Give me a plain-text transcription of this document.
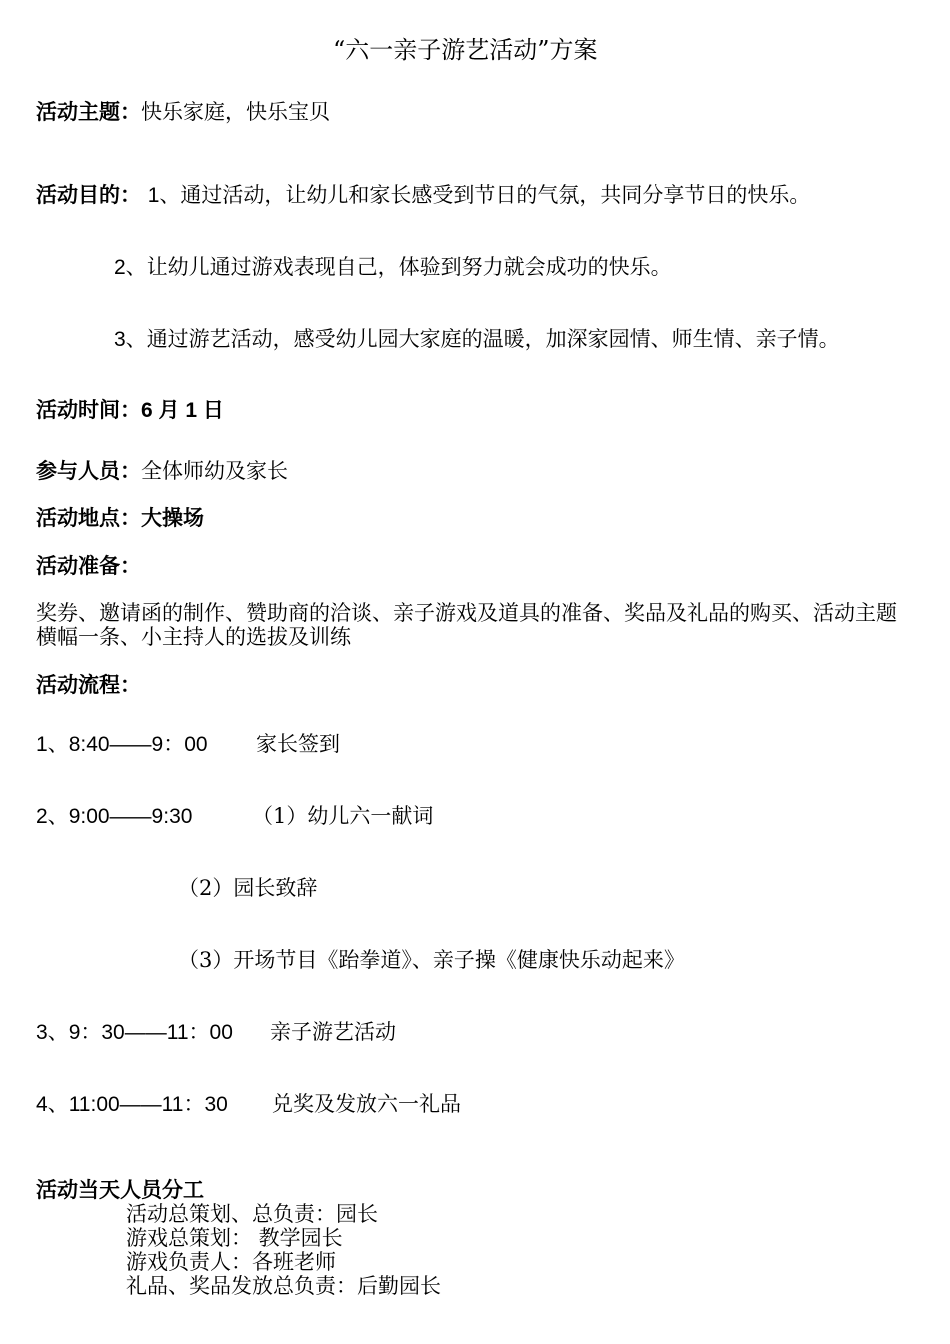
“六一亲子游艺活动”方案
活动主题：快乐家庭，快乐宝贝
活动目的： 1、通过活动，让幼儿和家长感受到节日的气氛，共同分享节日的快乐。
2、让幼儿通过游戏表现自己，体验到努力就会成功的快乐。
3、通过游艺活动，感受幼儿园大家庭的温暖，加深家园情、师生情、亲子情。
活动时间：6 月 1 日
参与人员：全体师幼及家长
活动地点：大操场
活动准备：
奖券、邀请函的制作、赞助商的洽谈、亲子游戏及道具的准备、奖品及礼品的购买、活动主题
横幅一条、小主持人的选拔及训练
活动流程：
1、8:40——9：00 家长签到
2、9:00——9:30	（1）幼儿六一献词
（2）园长致辞
（3）开场节目《跆拳道》、亲子操《健康快乐动起来》
3、9：30——11：00 亲子游艺活动
4、11:00——11：30 兑奖及发放六一礼品
活动当天人员分工
活动总策划、总负责：园长
游戏总策划： 教学园长
游戏负责人：各班老师
礼品、奖品发放总负责：后勤园长
